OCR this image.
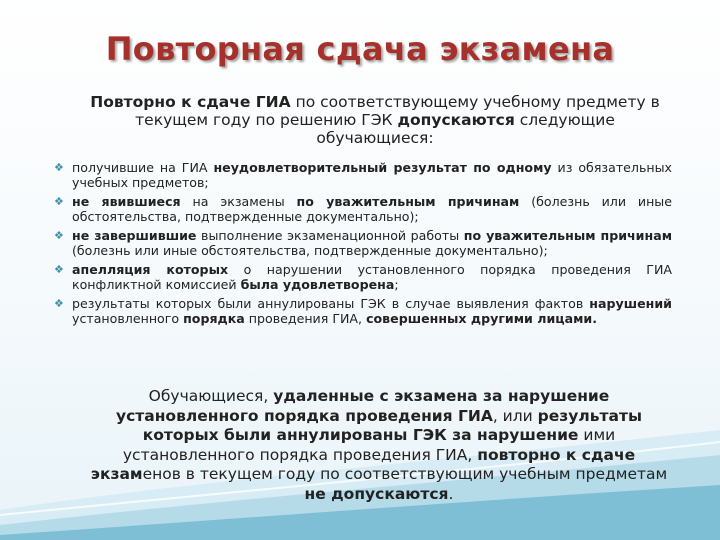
Повторная сдача экзамена
Повторно к сдаче ГИА по соответствующему учебному предмету в текущем году по решению ГЭК допускаются следующие обучающиеся:
❖ получившие на ГИА неудовлетворительный результат по одному из обязательных учебных предметов;
❖ не явившиеся на экзамены по уважительным причинам (болезнь или иные обстоятельства, подтвержденные документально);
❖ не завершившие выполнение экзаменационной работы по уважительным причинам (болезнь или иные обстоятельства, подтвержденные документально);
❖ апелляция которых о нарушении установленного порядка проведения ГИА конфликтной комиссией была удовлетворена;
❖ результаты которых были аннулированы ГЭК в случае выявления фактов нарушений установленного порядка проведения ГИА, совершенных другими лицами.
Обучающиеся, удаленные с экзамена за нарушение установленного порядка проведения ГИА, или результаты которых были аннулированы ГЭК за нарушение ими установленного порядка проведения ГИА, повторно к сдаче экзаменов в текущем году по соответствующим учебным предметам не допускаются.
